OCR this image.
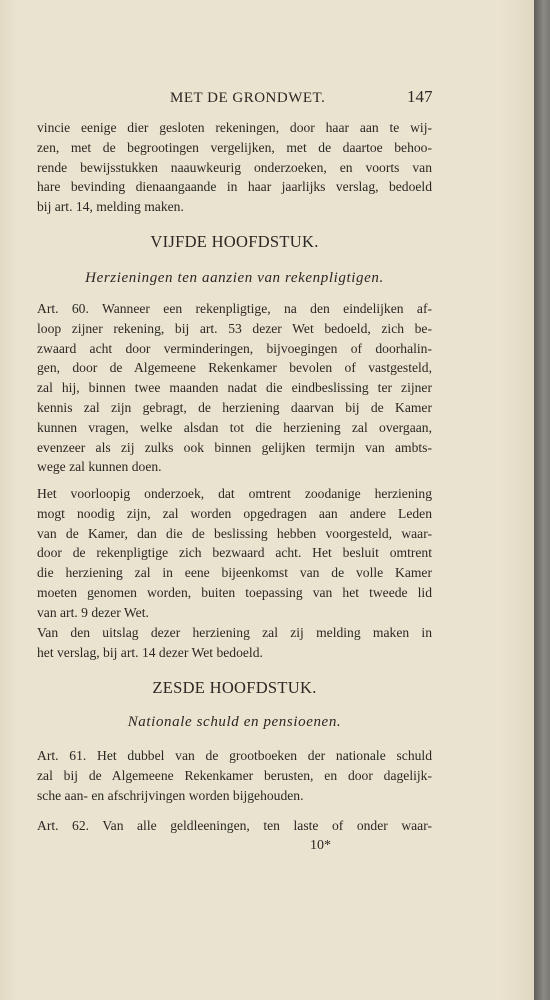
MET DE GRONDWET.	147
vincie eenige dier gesloten rekeningen, door haar aan te wij-
zen, met de begrootingen vergelijken, met de daartoe behoo-
rende bewijsstukken naauwkeurig onderzoeken, en voorts van
hare bevinding dienaangaande in haar jaarlijks verslag, bedoeld
bij art. 14, melding maken.
VIJFDE HOOFDSTUK.
Herzieningen ten aanzien van rekenpligtigen.
Art. 60. Wanneer een rekenpligtige, na den eindelijken af-
loop zijner rekening, bij art. 53 dezer Wet bedoeld, zich be-
zwaard acht door verminderingen, bijvoegingen of doorhalin-
gen, door de Algemeene Rekenkamer bevolen of vastgesteld,
zal hij, binnen twee maanden nadat die eindbeslissing ter zijner
kennis zal zijn gebragt, de herziening daarvan bij de Kamer
kunnen vragen, welke alsdan tot die herziening zal overgaan,
evenzeer als zij zulks ook binnen gelijken termijn van ambts-
wege zal kunnen doen.
Het voorloopig onderzoek, dat omtrent zoodanige herziening
mogt noodig zijn, zal worden opgedragen aan andere Leden
van de Kamer, dan die de beslissing hebben voorgesteld, waar-
door de rekenpligtige zich bezwaard acht. Het besluit omtrent
die herziening zal in eene bijeenkomst van de volle Kamer
moeten genomen worden, buiten toepassing van het tweede lid
van art. 9 dezer Wet.
Van den uitslag dezer herziening zal zij melding maken in
het verslag, bij art. 14 dezer Wet bedoeld.
ZESDE HOOFDSTUK.
Nationale schuld en pensioenen.
Art. 61. Het dubbel van de grootboeken der nationale schuld
zal bij de Algemeene Rekenkamer berusten, en door dagelijk-
sche aan- en afschrijvingen worden bijgehouden.
Art. 62. Van alle geldleeningen, ten laste of onder waar-
10*
